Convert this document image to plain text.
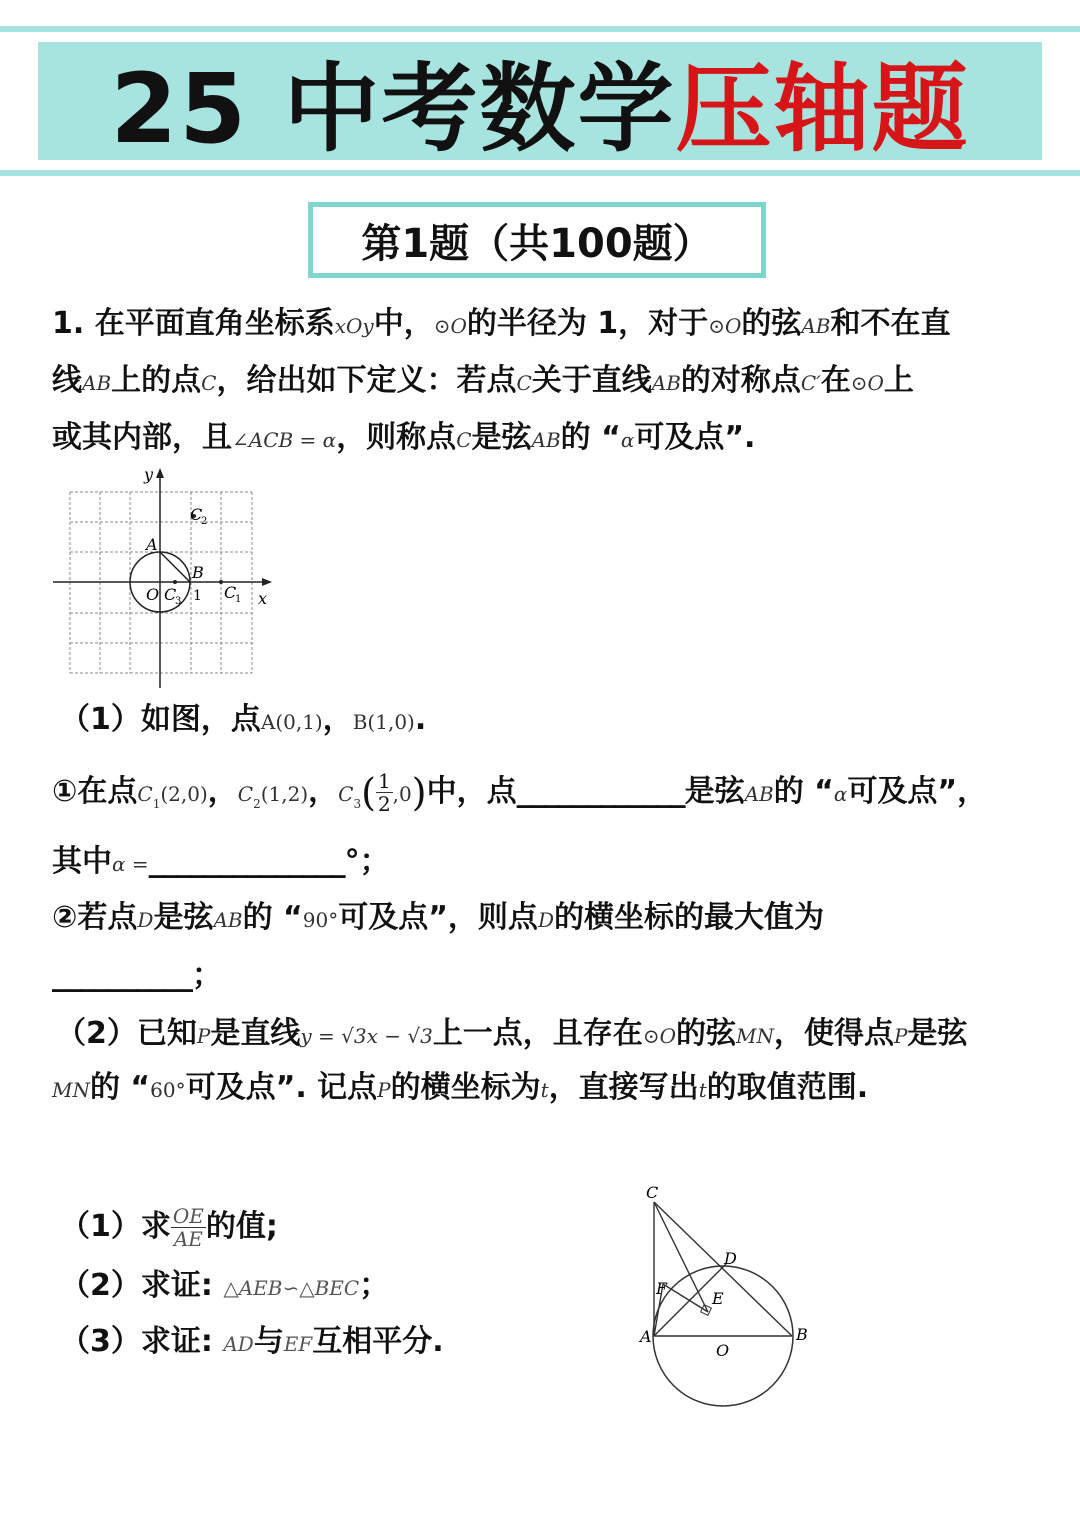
25 中考数学 压轴题
第1题（共100题）
1. 在平面直角坐标系xOy中，⊙O的半径为 1，对于⊙O的弦AB和不在直
线AB上的点C，给出如下定义：若点C关于直线AB的对称点C′在⊙O上
或其内部，且∠ACB = α，则称点C是弦AB的 “α可及点”.
y
x
O
A
B
1 C
1
C
2
C
3
（1）如图，点A(0,1)，B(1,0).
①在点$C_1(2,0)$，$C_2(1,2)$，$C_3( \frac{1}{2} ,0)$中，点____________是弦AB的 “α可及点”，
其中α =______________°；
②若点D是弦AB的 “90°可及点”，则点D的横坐标的最大值为
__________；
（2）已知P是直线y = √3x − √3上一点，且存在⊙O的弦MN，使得点P是弦
MN的 “60°可及点”. 记点P的横坐标为t，直接写出t的取值范围.
（1）求 $\frac{OE}{AE}$ 的值;
（2）求证: △AEB∽△BEC；
（3）求证: AD与EF互相平分.
C
D
F
E
A	B
O
